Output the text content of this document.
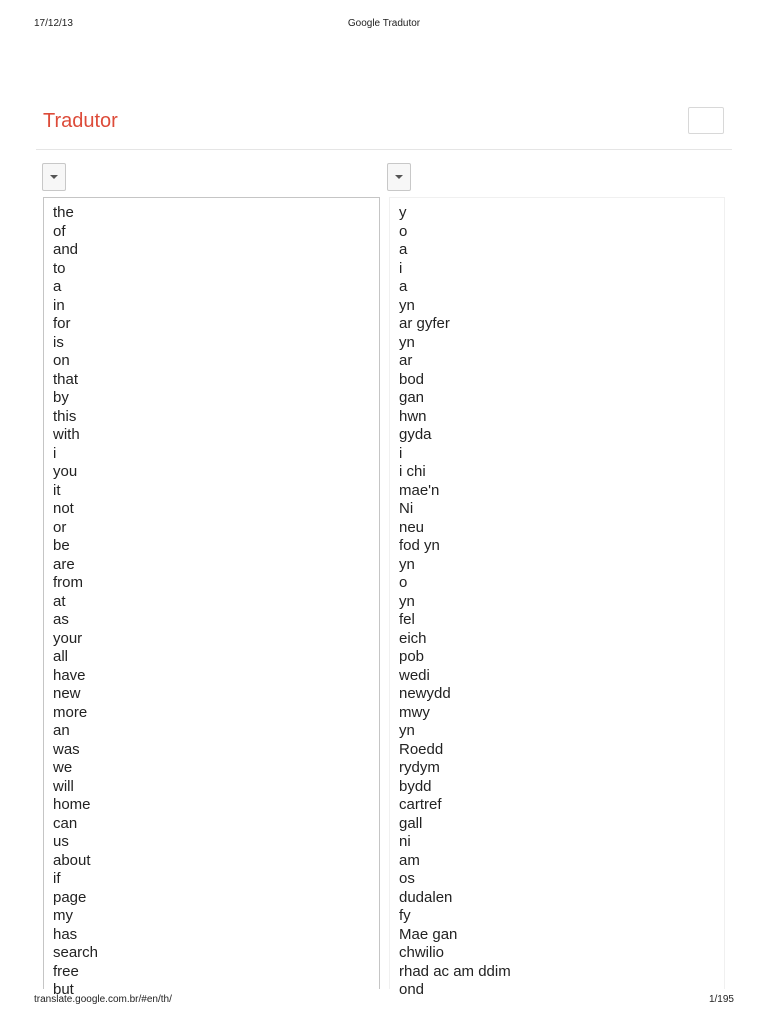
17/12/13	Google Tradutor
Tradutor
the
of
and
to
a
in
for
is
on
that
by
this
with
i
you
it
not
or
be
are
from
at
as
your
all
have
new
more
an
was
we
will
home
can
us
about
if
page
my
has
search
free
but
y
o
a
i
a
yn
ar gyfer
yn
ar
bod
gan
hwn
gyda
i
i chi
mae'n
Ni
neu
fod yn
yn
o
yn
fel
eich
pob
wedi
newydd
mwy
yn
Roedd
rydym
bydd
cartref
gall
ni
am
os
dudalen
fy
Mae gan
chwilio
rhad ac am ddim
ond
translate.google.com.br/#en/th/	1/195
